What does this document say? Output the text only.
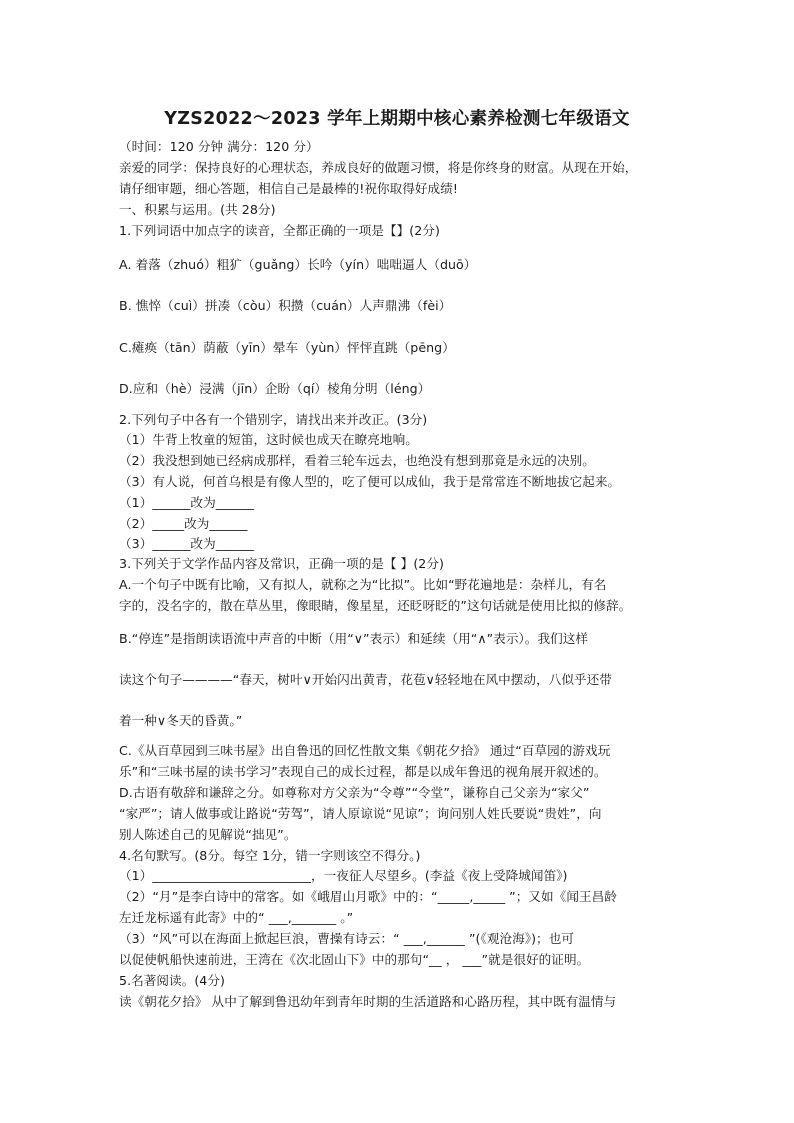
YZS2022～2023 学年上期期中核心素养检测七年级语文
（时间：120 分钟 满分：120 分）
亲爱的同学：保持良好的心理状态，养成良好的做题习惯，将是你终身的财富。从现在开始，
请仔细审题，细心答题，相信自己是最棒的!祝你取得好成绩!
一、积累与运用。(共 28分)
1.下列词语中加点字的读音，全都正确的一项是【】(2分)
A. 着落（zhuó）粗犷（guǎng）长吟（yín）咄咄逼人（duō）
B. 憔悴（cuì）拼凑（còu）积攒（cuán）人声鼎沸（fèi）
C.瘫痪（tān）荫蔽（yīn）晕车（yùn）怦怦直跳（pēng）
D.应和（hè）浸满（jīn）企盼（qí）棱角分明（léng）
2.下列句子中各有一个错别字，请找出来并改正。(3分)
（1）牛背上牧童的短笛，这时候也成天在瞭亮地响。
（2）我没想到她已经病成那样，看着三轮车远去，也绝没有想到那竟是永远的决别。
（3）有人说，何首乌根是有像人型的，吃了便可以成仙，我于是常常连不断地拔它起来。
（1）______改为______
（2）_____改为______
（3）______改为______
3.下列关于文学作品内容及常识，正确一项的是【 】(2分)
A.一个句子中既有比喻，又有拟人，就称之为“比拟”。比如“野花遍地是：杂样儿，有名
字的，没名字的，散在草丛里，像眼睛，像星星，还眨呀眨的”这句话就是使用比拟的修辞。
B.“停连”是指朗读语流中声音的中断（用“∨”表示）和延续（用“∧”表示）。我们这样
读这个句子————“春天，树叶∨开始闪出黄青，花苞∨轻轻地在风中摆动，八似乎还带
着一种∨冬天的昏黄。”
C.《从百草园到三味书屋》出自鲁迅的回忆性散文集《朝花夕拾》 通过“百草园的游戏玩
乐”和“三味书屋的读书学习”表现自己的成长过程，都是以成年鲁迅的视角展开叙述的。
D.古语有敬辞和谦辞之分。如尊称对方父亲为“令尊”“令堂”，谦称自己父亲为“家父”
“家严”；请人做事或让路说“劳驾”，请人原谅说“见谅”；询问别人姓氏要说“贵姓”，向
别人陈述自己的见解说“拙见”。
4.名句默写。(8分。每空 1分，错一字则该空不得分。)
（1）_________________________，一夜征人尽望乡。(李益《夜上受降城闻笛》)
（2）“月”是李白诗中的常客。如《峨眉山月歌》中的：“_____,_____ ”；又如《闻王昌龄
左迁龙标遥有此寄》中的“ ___,_______ 。”
（3）“风”可以在海面上掀起巨浪，曹操有诗云：“ ___,______ ”(《观沧海》)；也可
以促使帆船快速前进，王湾在《次北固山下》中的那句“__ ， ___”就是很好的证明。
5.名著阅读。(4分)
读《朝花夕拾》 从中了解到鲁迅幼年到青年时期的生活道路和心路历程，其中既有温情与
